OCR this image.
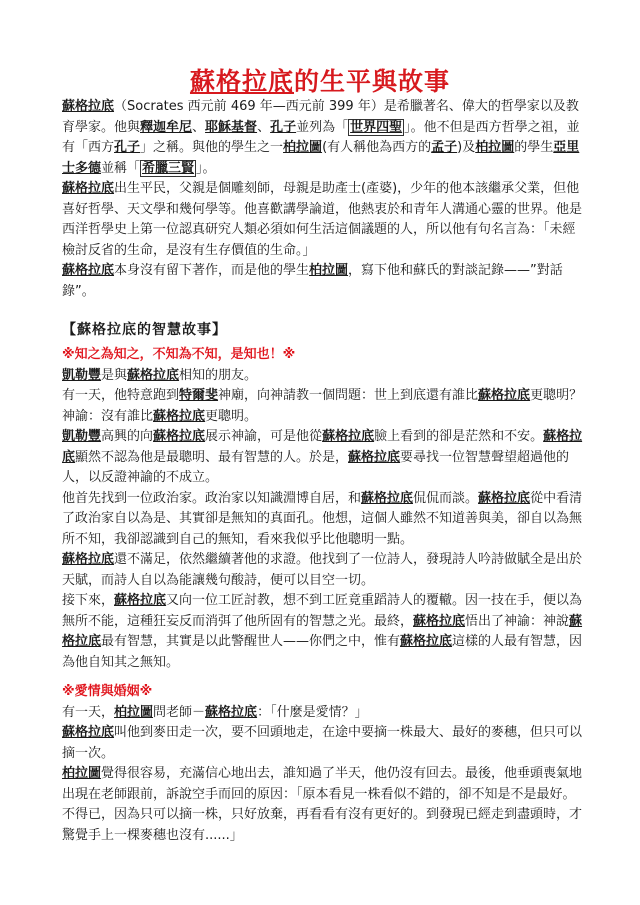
蘇格拉底的生平與故事

蘇格拉底（Socrates 西元前 469 年—西元前 399 年）是希臘著名、偉大的哲學家以及教育學家。他與釋迦牟尼、耶穌基督、孔子並列為「 世界四聖 」。他不但是西方哲學之祖，並有「西方孔子」之稱。與他的學生之一柏拉圖(有人稱他為西方的孟子)及柏拉圖的學生亞里士多德並稱「 希臘三賢 」。

蘇格拉底出生平民，父親是個雕刻師，母親是助產士(產婆)，少年的他本該繼承父業，但他喜好哲學、天文學和幾何學等。他喜歡講學論道，他熱衷於和青年人溝通心靈的世界。他是西洋哲學史上第一位認真研究人類必須如何生活這個議題的人，所以他有句名言為：「未經檢討反省的生命，是沒有生存價值的生命。」

蘇格拉底本身沒有留下著作，而是他的學生柏拉圖，寫下他和蘇氏的對談記錄——”對話錄”。

【蘇格拉底的智慧故事】

※知之為知之，不知為不知，是知也！※

凱勒豐是與蘇格拉底相知的朋友。

有一天，他特意跑到特爾斐神廟，向神請教一個問題：世上到底還有誰比蘇格拉底更聰明？

神諭：沒有誰比蘇格拉底更聰明。

凱勒豐高興的向蘇格拉底展示神諭，可是他從蘇格拉底臉上看到的卻是茫然和不安。蘇格拉底顯然不認為他是最聰明、最有智慧的人。於是，蘇格拉底要尋找一位智慧聲望超過他的人，以反證神諭的不成立。

他首先找到一位政治家。政治家以知識淵博自居，和蘇格拉底侃侃而談。蘇格拉底從中看清了政治家自以為是、其實卻是無知的真面孔。他想，這個人雖然不知道善與美，卻自以為無所不知，我卻認識到自己的無知，看來我似乎比他聰明一點。

蘇格拉底還不滿足，依然繼續著他的求證。他找到了一位詩人，發現詩人吟詩做賦全是出於天賦，而詩人自以為能讓幾句酸詩，便可以目空一切。

接下來，蘇格拉底又向一位工匠討教，想不到工匠竟重蹈詩人的覆轍。因一技在手，便以為無所不能，這種狂妄反而消弭了他所固有的智慧之光。最終，蘇格拉底悟出了神諭：神說蘇格拉底最有智慧，其實是以此警醒世人——你們之中，惟有蘇格拉底這樣的人最有智慧，因為他自知其之無知。

※愛情與婚姻※

有一天，柏拉圖問老師－蘇格拉底：「什麼是愛情？」

蘇格拉底叫他到麥田走一次，要不回頭地走，在途中要摘一株最大、最好的麥穗，但只可以摘一次。

柏拉圖覺得很容易，充滿信心地出去，誰知過了半天，他仍沒有回去。最後，他垂頭喪氣地出現在老師跟前，訴說空手而回的原因：「原本看見一株看似不錯的，卻不知是不是最好。不得已，因為只可以摘一株，只好放棄，再看看有沒有更好的。到發現已經走到盡頭時，才驚覺手上一棵麥穗也沒有......」
